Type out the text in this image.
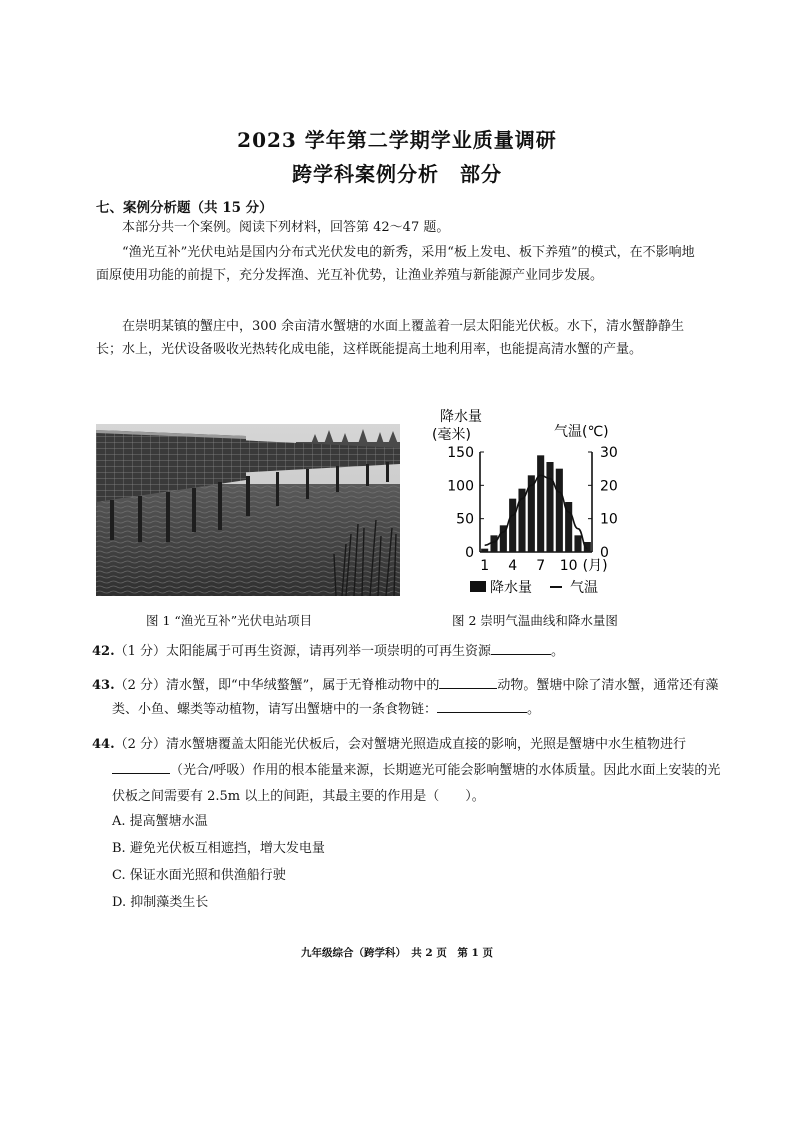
2023 学年第二学期学业质量调研
跨学科案例分析　部分
七、案例分析题（共 15 分）
本部分共一个案例。阅读下列材料，回答第 42～47 题。
“渔光互补”光伏电站是国内分布式光伏发电的新秀，采用“板上发电、板下养殖”的模式，在不影响地面原使用功能的前提下，充分发挥渔、光互补优势，让渔业养殖与新能源产业同步发展。
在崇明某镇的蟹庄中，300 余亩清水蟹塘的水面上覆盖着一层太阳能光伏板。水下，清水蟹静静生长；水上，光伏设备吸收光热转化成电能，这样既能提高土地利用率，也能提高清水蟹的产量。
降水量
(毫米)	气温(℃)
150
100
50
0
30
20
10
0
1 4 7 10 (月)
降水量	气温
图 1 “渔光互补”光伏电站项目	图 2 崇明气温曲线和降水量图
42.（1 分）太阳能属于可再生资源，请再列举一项崇明的可再生资源	。
43.（2 分）清水蟹，即“中华绒螯蟹”，属于无脊椎动物中的	动物。蟹塘中除了清水蟹，通常还有藻类、小鱼、螺类等动植物，请写出蟹塘中的一条食物链：	。
44.（2 分）清水蟹塘覆盖太阳能光伏板后，会对蟹塘光照造成直接的影响，光照是蟹塘中水生植物进行（光合/呼吸）作用的根本能量来源，长期遮光可能会影响蟹塘的水体质量。因此水面上安装的光伏板之间需要有 2.5m 以上的间距，其最主要的作用是（　　）。
A. 提高蟹塘水温
B. 避免光伏板互相遮挡，增大发电量
C. 保证水面光照和供渔船行驶
D. 抑制藻类生长
九年级综合（跨学科）　共 2 页　第 1 页
